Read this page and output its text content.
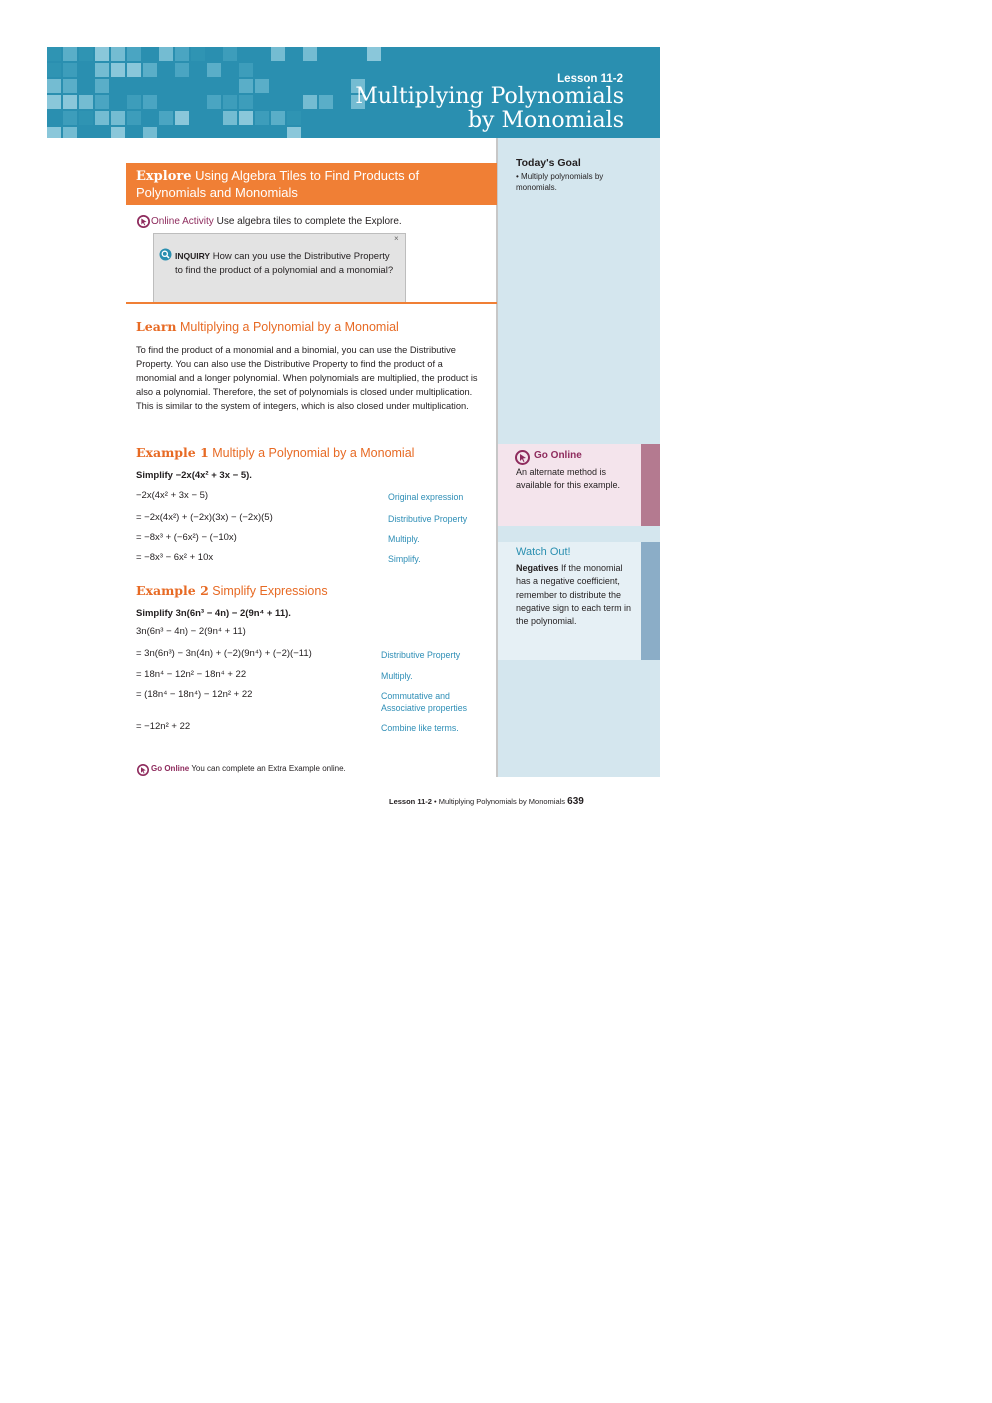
Lesson 11-2
Multiplying Polynomials
by Monomials
Today's Goal
• Multiply polynomials by monomials.
Go Online
An alternate method is available for this example.
Watch Out!
Negatives If the monomial has a negative coefficient, remember to distribute the negative sign to each term in the polynomial.
Explore Using Algebra Tiles to Find Products of Polynomials and Monomials
Online Activity Use algebra tiles to complete the Explore.
×
INQUIRY How can you use the Distributive Property to find the product of a polynomial and a monomial?
Learn Multiplying a Polynomial by a Monomial
To find the product of a monomial and a binomial, you can use the Distributive Property. You can also use the Distributive Property to find the product of a monomial and a longer polynomial. When polynomials are multiplied, the product is also a polynomial. Therefore, the set of polynomials is closed under multiplication. This is similar to the system of integers, which is also closed under multiplication.
Example 1 Multiply a Polynomial by a Monomial
Simplify −2x(4x² + 3x − 5).
−2x(4x² + 3x − 5)	Original expression
= −2x(4x²) + (−2x)(3x) − (−2x)(5)	Distributive Property
= −8x³ + (−6x²) − (−10x)	Multiply.
= −8x³ − 6x² + 10x	Simplify.
Example 2 Simplify Expressions
Simplify 3n(6n³ − 4n) − 2(9n⁴ + 11).
3n(6n³ − 4n) − 2(9n⁴ + 11)
= 3n(6n³) − 3n(4n) + (−2)(9n⁴) + (−2)(−11)	Distributive Property
= 18n⁴ − 12n² − 18n⁴ + 22	Multiply.
= (18n⁴ − 18n⁴) − 12n² + 22	Commutative and Associative properties
= −12n² + 22	Combine like terms.
Go Online You can complete an Extra Example online.
Lesson 11-2 • Multiplying Polynomials by Monomials 639
